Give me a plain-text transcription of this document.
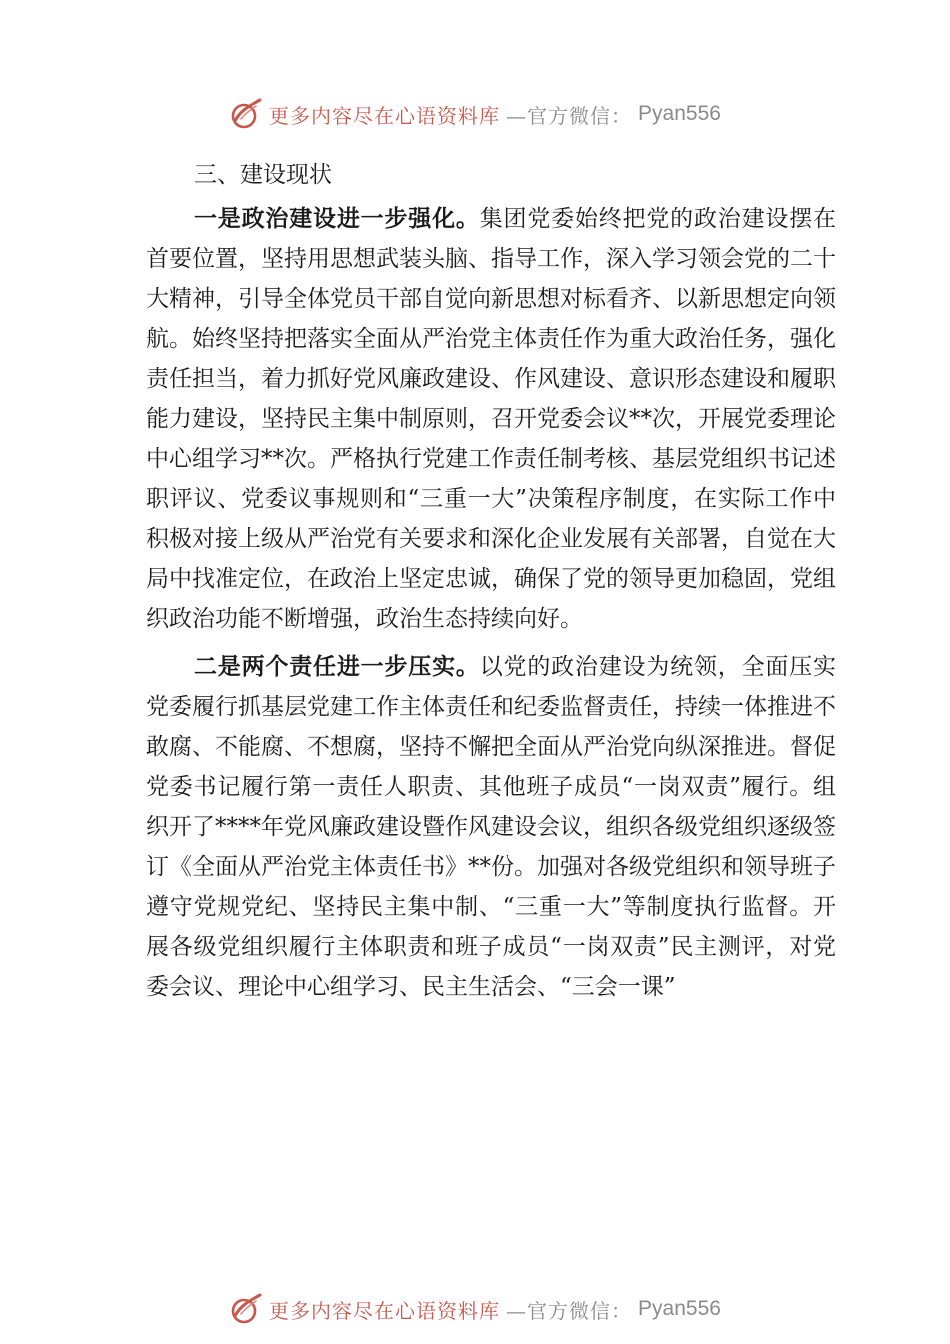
更多内容尽在心语资料库 —官方微信： Pyan556

三、建设现状

一是政治建设进一步强化。集团党委始终把党的政治建设摆在首要位置，坚持用思想武装头脑、指导工作，深入学习领会党的二十大精神，引导全体党员干部自觉向新思想对标看齐、以新思想定向领航。始终坚持把落实全面从严治党主体责任作为重大政治任务，强化责任担当，着力抓好党风廉政建设、作风建设、意识形态建设和履职能力建设，坚持民主集中制原则，召开党委会议**次，开展党委理论中心组学习**次。严格执行党建工作责任制考核、基层党组织书记述职评议、党委议事规则和“三重一大”决策程序制度，在实际工作中积极对接上级从严治党有关要求和深化企业发展有关部署，自觉在大局中找准定位，在政治上坚定忠诚，确保了党的领导更加稳固，党组织政治功能不断增强，政治生态持续向好。

二是两个责任进一步压实。以党的政治建设为统领，全面压实党委履行抓基层党建工作主体责任和纪委监督责任，持续一体推进不敢腐、不能腐、不想腐，坚持不懈把全面从严治党向纵深推进。督促党委书记履行第一责任人职责、其他班子成员“一岗双责”履行。组织开了****年党风廉政建设暨作风建设会议，组织各级党组织逐级签订《全面从严治党主体责任书》**份。加强对各级党组织和领导班子遵守党规党纪、坚持民主集中制、“三重一大”等制度执行监督。开展各级党组织履行主体职责和班子成员“一岗双责”民主测评，对党委会议、理论中心组学习、民主生活会、“三会一课”

更多内容尽在心语资料库 —官方微信： Pyan556
